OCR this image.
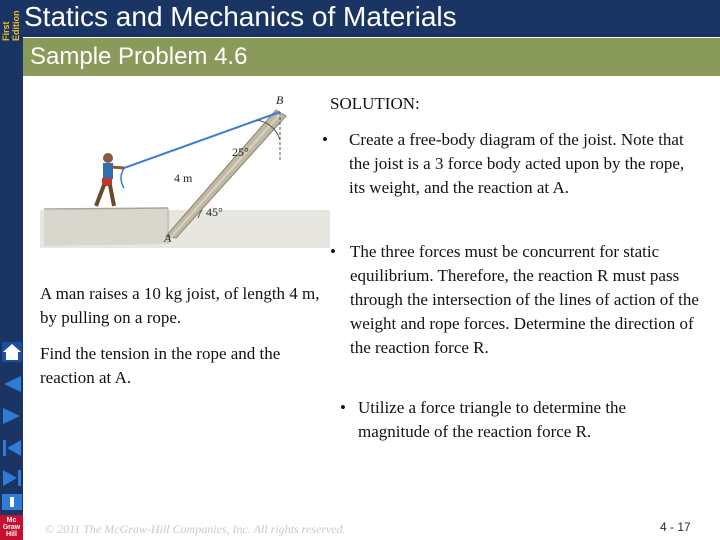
First Edition
Mc
Graw
Hill
Statics and Mechanics of Materials
Sample Problem 4.6
B
A
25°
45°
4 m
A man raises a 10 kg joist, of length 4 m, by pulling on a rope.
Find the tension in the rope and the reaction at A.
SOLUTION:
•	Create a free-body diagram of the joist. Note that the joist is a 3 force body acted upon by the rope, its weight, and the reaction at A.
• The three forces must be concurrent for static equilibrium. Therefore, the reaction R must pass through the intersection of the lines of action of the weight and rope forces. Determine the direction of the reaction force R.
• Utilize a force triangle to determine the magnitude of the reaction force R.
© 2011 The McGraw-Hill Companies, Inc. All rights reserved.	4 - 17
